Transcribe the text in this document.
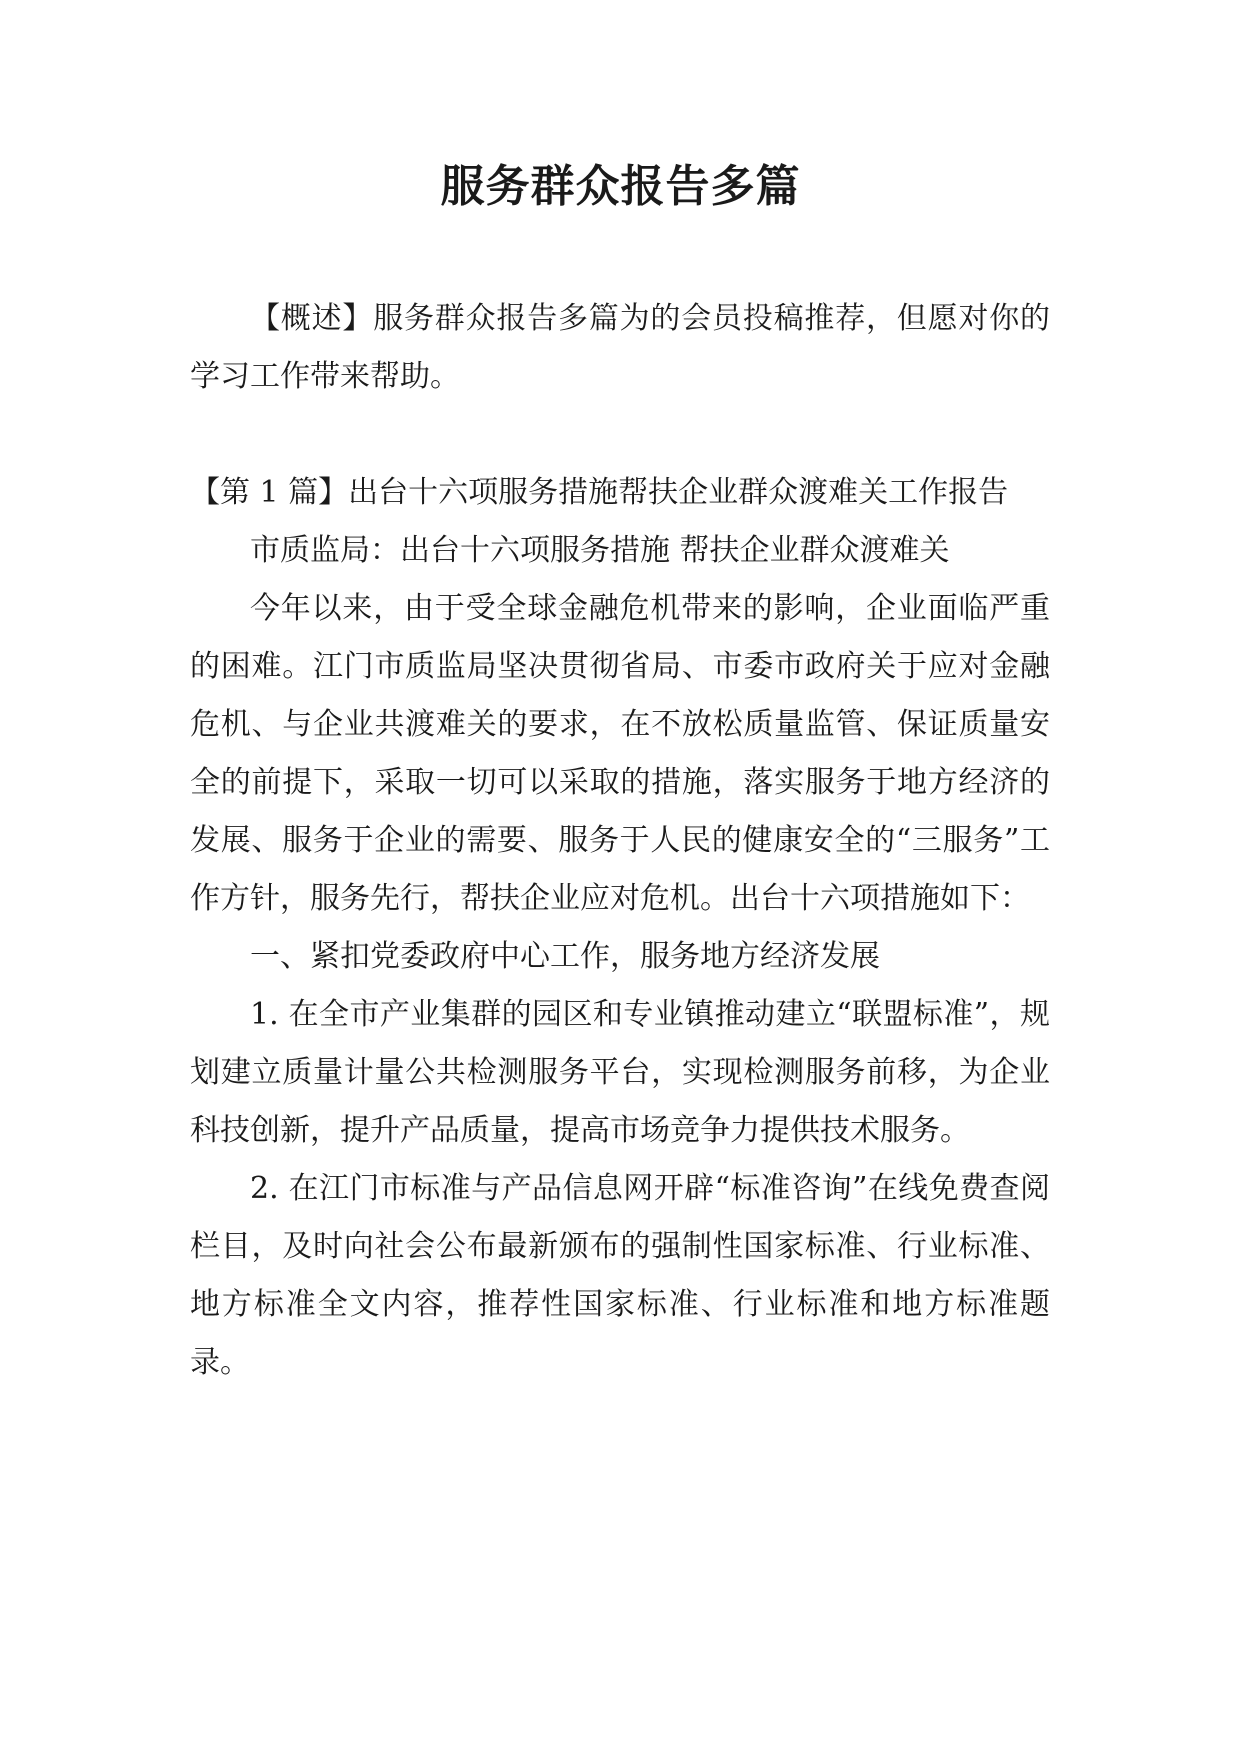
服务群众报告多篇

【概述】服务群众报告多篇为的会员投稿推荐，但愿对你的学习工作带来帮助。

【第 1 篇】出台十六项服务措施帮扶企业群众渡难关工作报告

市质监局：出台十六项服务措施 帮扶企业群众渡难关

今年以来，由于受全球金融危机带来的影响，企业面临严重的困难。江门市质监局坚决贯彻省局、市委市政府关于应对金融危机、与企业共渡难关的要求，在不放松质量监管、保证质量安全的前提下，采取一切可以采取的措施，落实服务于地方经济的发展、服务于企业的需要、服务于人民的健康安全的“三服务”工作方针，服务先行，帮扶企业应对危机。出台十六项措施如下：

一、紧扣党委政府中心工作，服务地方经济发展

1. 在全市产业集群的园区和专业镇推动建立“联盟标准”，规划建立质量计量公共检测服务平台，实现检测服务前移，为企业科技创新，提升产品质量，提高市场竞争力提供技术服务。

2. 在江门市标准与产品信息网开辟“标准咨询”在线免费查阅栏目，及时向社会公布最新颁布的强制性国家标准、行业标准、地方标准全文内容，推荐性国家标准、行业标准和地方标准题录。
